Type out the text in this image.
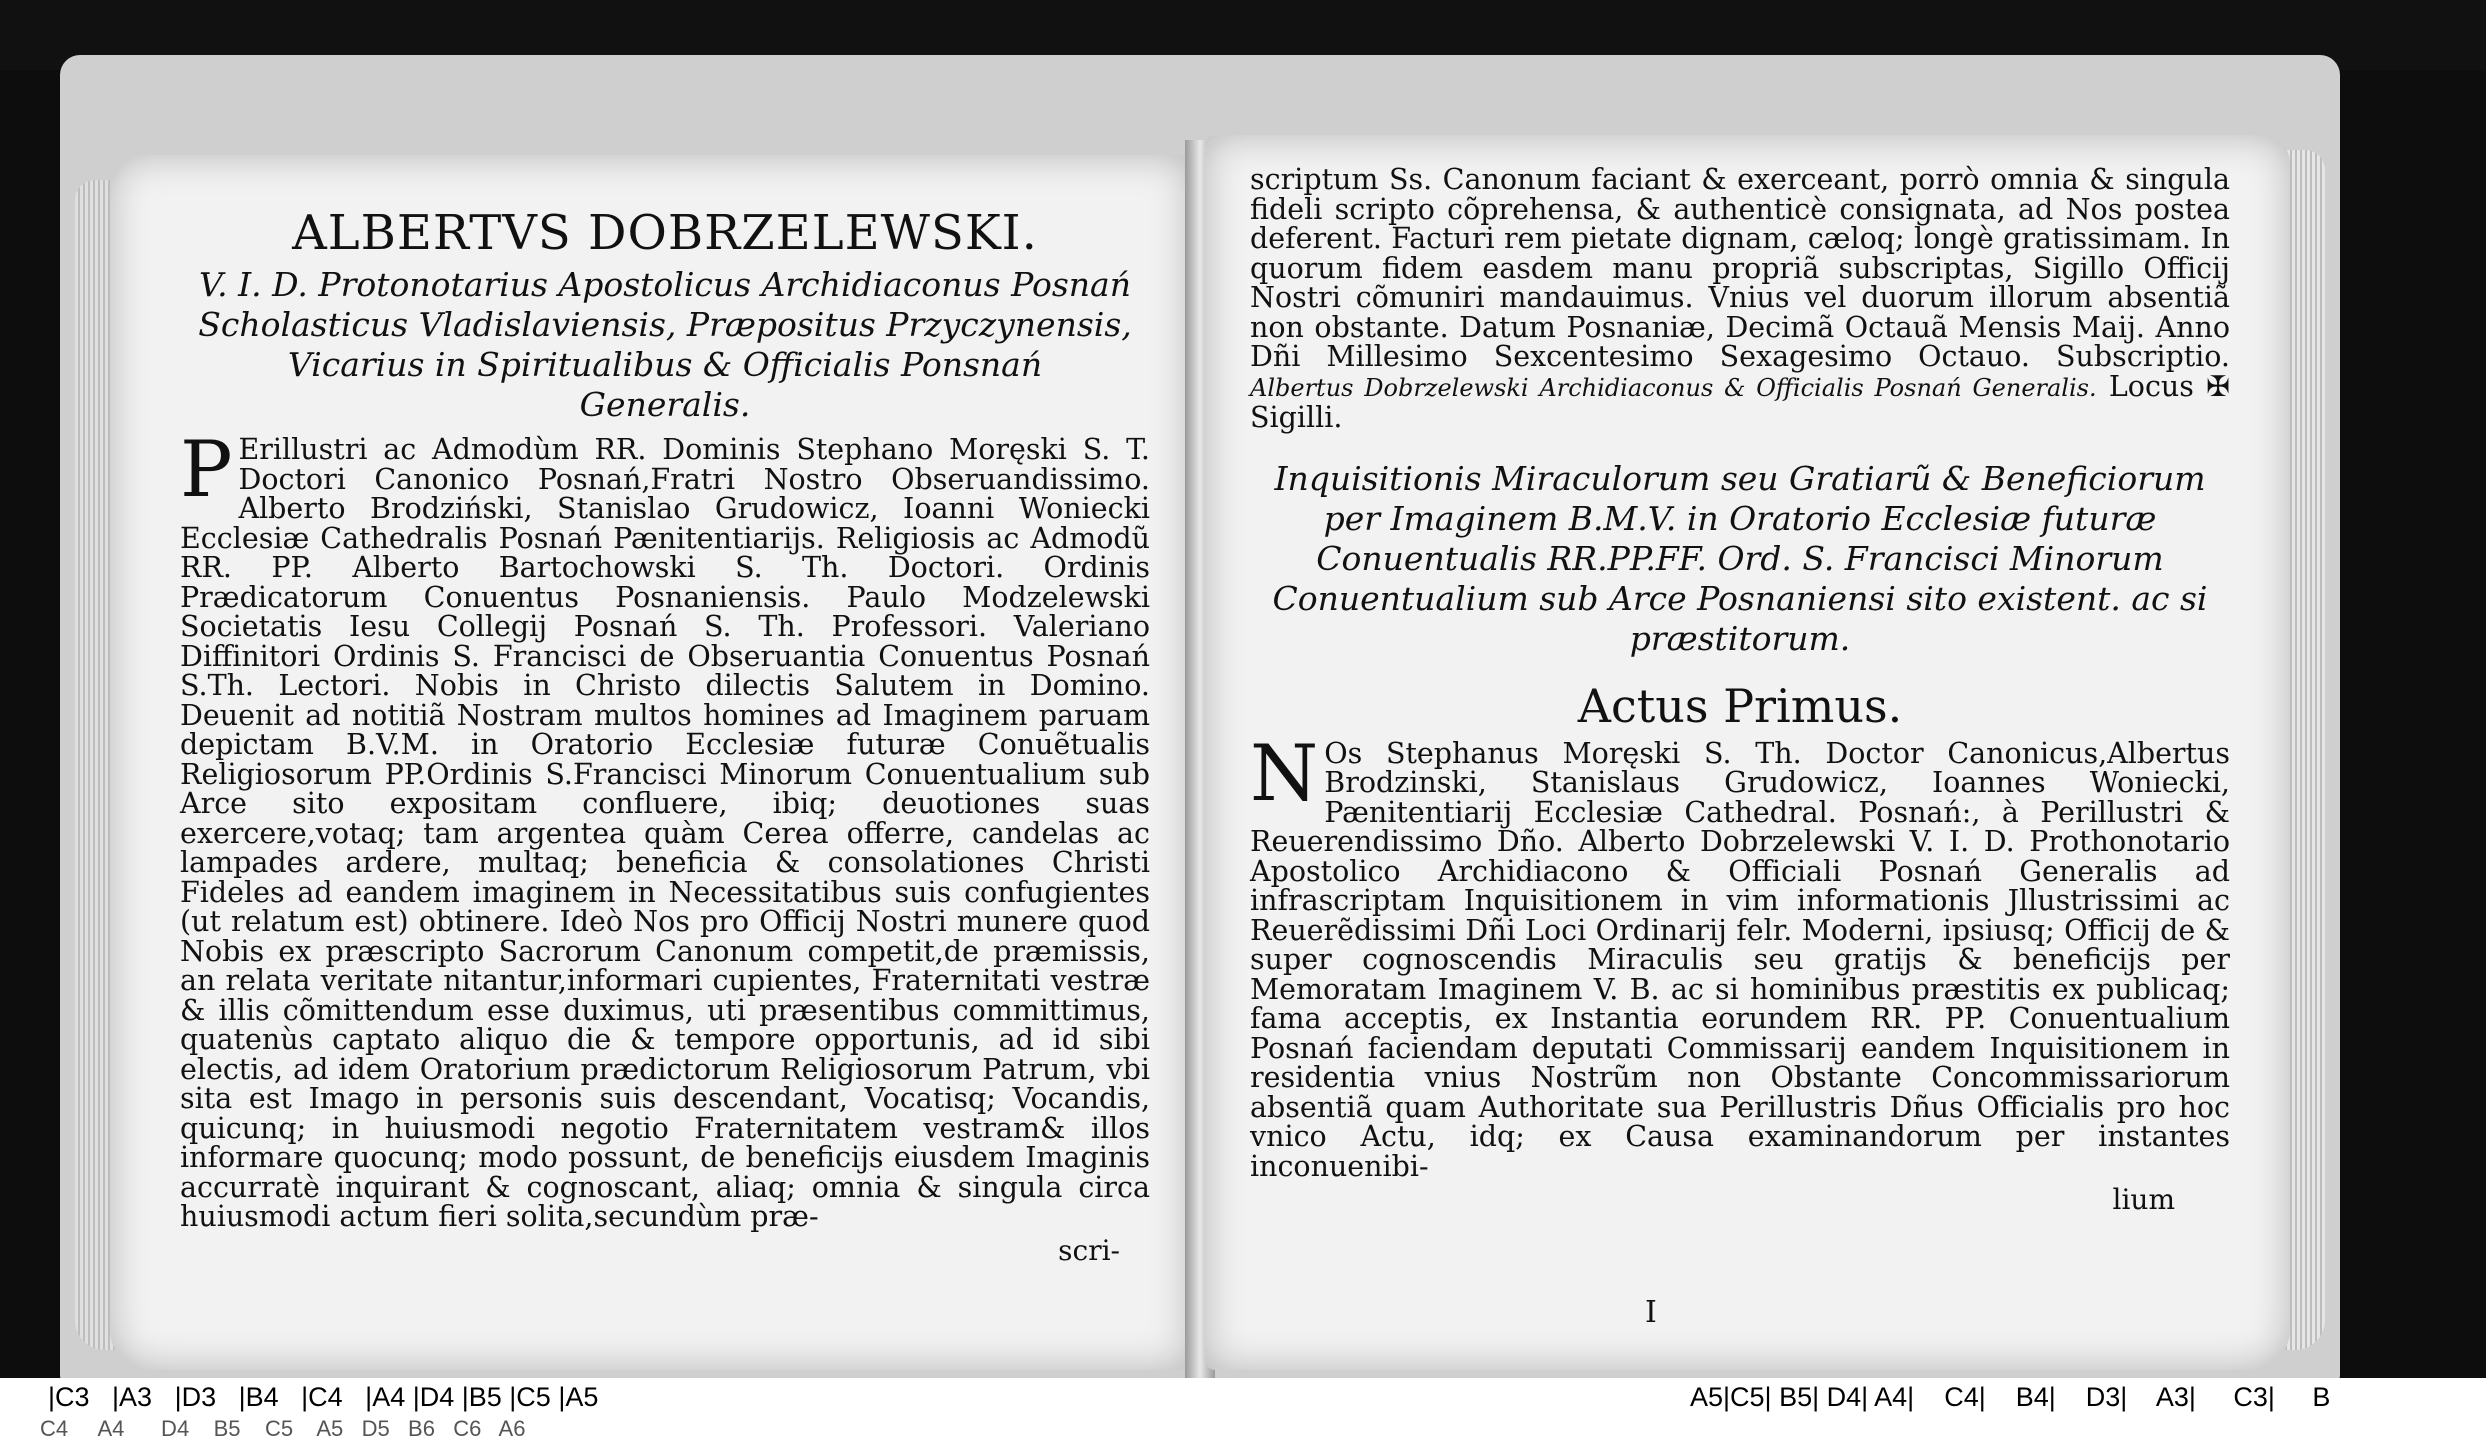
ALBERTVS DOBRZELEWSKI.
V. I. D. Protonotarius Apostolicus Archidiaconus Posnań
Scholasticus Vladislaviensis, Præpositus Przyczynensis,
Vicarius in Spiritualibus & Officialis Ponsnań
Generalis.
P Erillustri ac Admodùm RR. Dominis Stephano Moręski S. T. Doctori Canonico Posnań,Fratri Nostro Obseruandissimo. Alberto Brodziński, Stanislao Grudowicz, Ioanni Woniecki Ecclesiæ Cathedralis Posnań Pænitentiarijs. Religiosis ac Admodũ RR. PP. Alberto Bartochowski S. Th. Doctori. Ordinis Prædicatorum Conuentus Posnaniensis. Paulo Modzelewski Societatis Iesu Collegij Posnań S. Th. Professori. Valeriano Diffinitori Ordinis S. Francisci de Obseruantia Conuentus Posnań S.Th. Lectori. Nobis in Christo dilectis Salutem in Domino. Deuenit ad notitiã Nostram multos homines ad Imaginem paruam depictam B.V.M. in Oratorio Ecclesiæ futuræ Conuẽtualis Religiosorum PP.Ordinis S.Francisci Minorum Conuentualium sub Arce sito expositam confluere, ibiq; deuotiones suas exercere,votaq; tam argentea quàm Cerea offerre, candelas ac lampades ardere, multaq; beneficia & consolationes Christi Fideles ad eandem imaginem in Necessitatibus suis confugientes (ut relatum est) obtinere. Ideò Nos pro Officij Nostri munere quod Nobis ex præscripto Sacrorum Canonum competit,de præmissis, an relata veritate nitantur,informari cupientes, Fraternitati vestræ & illis cõmittendum esse duximus, uti præsentibus committimus, quatenùs captato aliquo die & tempore opportunis, ad id sibi electis, ad idem Oratorium prædictorum Religiosorum Patrum, vbi sita est Imago in personis suis descendant, Vocatisq; Vocandis, quicunq; in huiusmodi negotio Fraternitatem vestram& illos informare quocunq; modo possunt, de beneficijs eiusdem Imaginis accurratè inquirant & cognoscant, aliaq; omnia & singula circa huiusmodi actum fieri solita,secundùm præ-

scri-

scriptum Ss. Canonum faciant & exerceant, porrò omnia & singula fideli scripto cõprehensa, & authenticè consignata, ad Nos postea deferent. Facturi rem pietate dignam, cæloq; longè gratissimam. In quorum fidem easdem manu propriã subscriptas, Sigillo Officij Nostri cõmuniri mandauimus. Vnius vel duorum illorum absentiã non obstante. Datum Posnaniæ, Decimã Octauã Mensis Maij. Anno Dñi Millesimo Sexcentesimo Sexagesimo Octauo. Subscriptio. Albertus Dobrzelewski Archidiaconus & Officialis Posnań Generalis. Locus ✠ Sigilli.

Inquisitionis Miraculorum seu Gratiarũ & Beneficiorum per Imaginem B.M.V. in Oratorio Ecclesiæ futuræ Conuentualis RR.PP.FF. Ord. S. Francisci Minorum Conuentualium sub Arce Posnaniensi sito existent. ac si præstitorum.
Actus Primus.
N Os Stephanus Moręski S. Th. Doctor Canonicus,Albertus Brodzinski, Stanislaus Grudowicz, Ioannes Woniecki, Pænitentiarij Ecclesiæ Cathedral. Posnań:, à Perillustri & Reuerendissimo Dño. Alberto Dobrzelewski V. I. D. Prothonotario Apostolico Archidiacono & Officiali Posnań Generalis ad infrascriptam Inquisitionem in vim informationis Jllustrissimi ac Reuerẽdissimi Dñi Loci Ordinarij felr. Moderni, ipsiusq; Officij de & super cognoscendis Miraculis seu gratijs & beneficijs per Memoratam Imaginem V. B. ac si hominibus præstitis ex publicaq; fama acceptis, ex Instantia eorundem RR. PP. Conuentualium Posnań faciendam deputati Commissarij eandem Inquisitionem in residentia vnius Nostrũm non Obstante Concommissariorum absentiã quam Authoritate sua Perillustris Dñus Officialis pro hoc vnico Actu, idq; ex Causa examinandorum per instantes inconuenibi-

lium
I
|C3   |A3   |D3   |B4   |C4   |A4 |D4 |B5 |C5 |A5	A5|C5| B5| D4| A4|    C4|    B4|    D3|    A3|     C3|     B
C4     A4      D4    B5    C5    A5   D5   B6   C6   A6
